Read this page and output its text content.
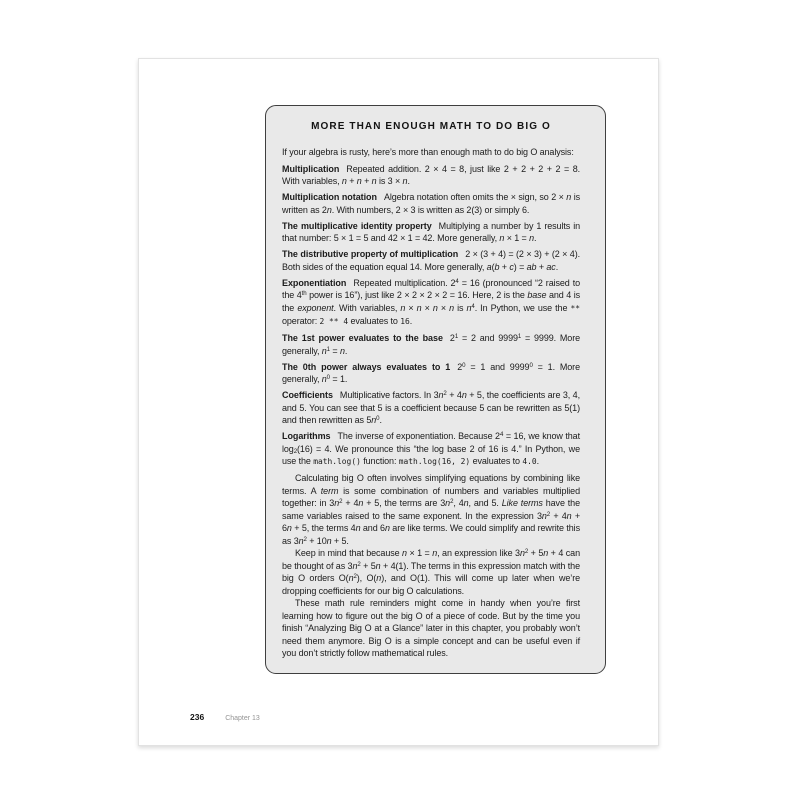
MORE THAN ENOUGH MATH TO DO BIG O

If your algebra is rusty, here’s more than enough math to do big O analysis:

Multiplication Repeated addition. 2 × 4 = 8, just like 2 + 2 + 2 + 2 = 8. With variables, n + n + n is 3 × n.

Multiplication notation Algebra notation often omits the × sign, so 2 × n is written as 2n. With numbers, 2 × 3 is written as 2(3) or simply 6.

The multiplicative identity property Multiplying a number by 1 results in that number: 5 × 1 = 5 and 42 × 1 = 42. More generally, n × 1 = n.

The distributive property of multiplication 2 × (3 + 4) = (2 × 3) + (2 × 4). Both sides of the equation equal 14. More generally, a(b + c) = ab + ac.

Exponentiation Repeated multiplication. $2^4 = 16$ (pronounced “2 raised to the 4th power is 16”), just like 2 × 2 × 2 × 2 = 16. Here, 2 is the base and 4 is the exponent. With variables, n × n × n × n is $n^4$. In Python, we use the ** operator: 2 ** 4 evaluates to 16.

The 1st power evaluates to the base $2^1 = 2$ and $9999^1 = 9999$. More generally, $n^1 = n$.

The 0th power always evaluates to 1 $2^0 = 1$ and $9999^0 = 1$. More generally, $n^0 = 1$.

Coefficients Multiplicative factors. In $3n^2 + 4n + 5$, the coefficients are 3, 4, and 5. You can see that 5 is a coefficient because 5 can be rewritten as 5(1) and then rewritten as $5n^0$.

Logarithms The inverse of exponentiation. Because $2^4 = 16$, we know that $\log_2(16) = 4$. We pronounce this “the log base 2 of 16 is 4.” In Python, we use the math.log() function: math.log(16, 2) evaluates to 4.0.

Calculating big O often involves simplifying equations by combining like terms. A term is some combination of numbers and variables multiplied together: in $3n^2 + 4n + 5$, the terms are $3n^2$, 4n, and 5. Like terms have the same variables raised to the same exponent. In the expression $3n^2 + 4n + 6n + 5$, the terms 4n and 6n are like terms. We could simplify and rewrite this as $3n^2 + 10n + 5$.

Keep in mind that because n × 1 = n, an expression like $3n^2 + 5n + 4$ can be thought of as $3n^2 + 5n + 4(1)$. The terms in this expression match with the big O orders $O(n^2)$, O(n), and O(1). This will come up later when we’re dropping coefficients for our big O calculations.

These math rule reminders might come in handy when you’re first learning how to figure out the big O of a piece of code. But by the time you finish “Analyzing Big O at a Glance” later in this chapter, you probably won’t need them anymore. Big O is a simple concept and can be useful even if you don’t strictly follow mathematical rules.

236	Chapter 13
